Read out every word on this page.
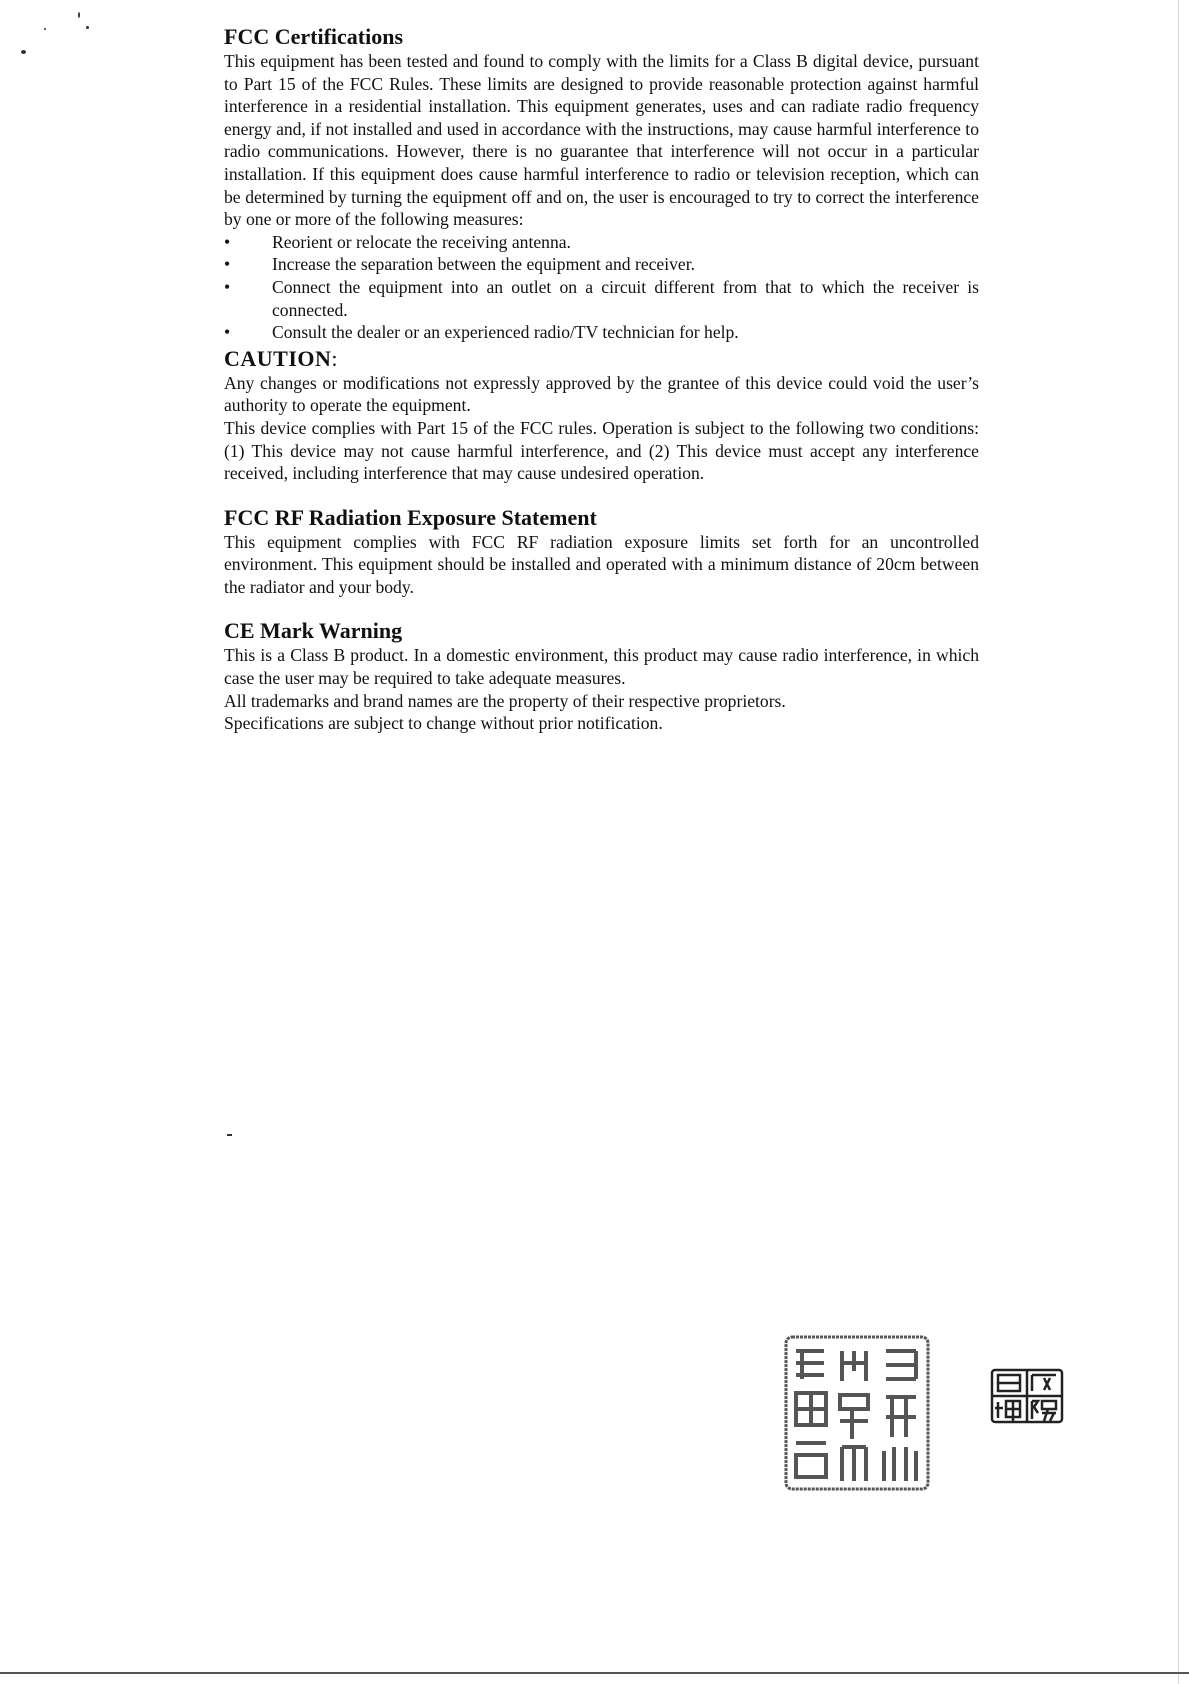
FCC Certifications

This equipment has been tested and found to comply with the limits for a Class B digital device, pursuant to Part 15 of the FCC Rules. These limits are designed to provide reasonable protection against harmful interference in a residential installation. This equipment generates, uses and can radiate radio frequency energy and, if not installed and used in accordance with the instructions, may cause harmful interference to radio communications. However, there is no guarantee that interference will not occur in a particular installation. If this equipment does cause harmful interference to radio or television reception, which can be determined by turning the equipment off and on, the user is encouraged to try to correct the interference by one or more of the following measures:

• Reorient or relocate the receiving antenna.
• Increase the separation between the equipment and receiver.
• Connect the equipment into an outlet on a circuit different from that to which the receiver is connected.
• Consult the dealer or an experienced radio/TV technician for help.
CAUTION:

Any changes or modifications not expressly approved by the grantee of this device could void the user’s authority to operate the equipment.

This device complies with Part 15 of the FCC rules. Operation is subject to the following two conditions: (1) This device may not cause harmful interference, and (2) This device must accept any interference received, including interference that may cause undesired operation.

FCC RF Radiation Exposure Statement

This equipment complies with FCC RF radiation exposure limits set forth for an uncontrolled environment. This equipment should be installed and operated with a minimum distance of 20cm between the radiator and your body.

CE Mark Warning

This is a Class B product. In a domestic environment, this product may cause radio interference, in which case the user may be required to take adequate measures.

All trademarks and brand names are the property of their respective proprietors.

Specifications are subject to change without prior notification.
